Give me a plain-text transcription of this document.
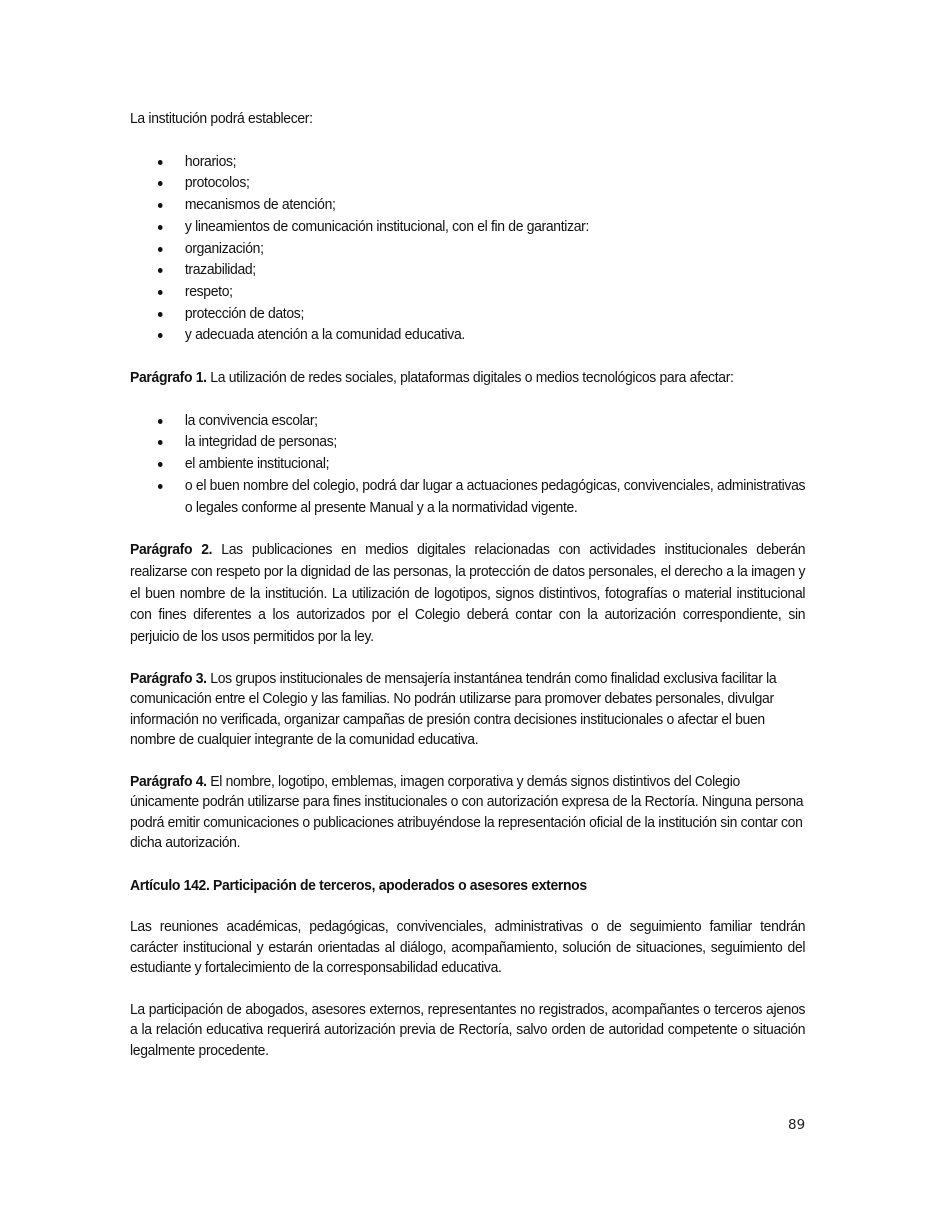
La institución podrá establecer:

horarios;
protocolos;
mecanismos de atención;
y lineamientos de comunicación institucional, con el fin de garantizar:
organización;
trazabilidad;
respeto;
protección de datos;
y adecuada atención a la comunidad educativa.

Parágrafo 1. La utilización de redes sociales, plataformas digitales o medios tecnológicos para afectar:

la convivencia escolar;
la integridad de personas;
el ambiente institucional;
o el buen nombre del colegio, podrá dar lugar a actuaciones pedagógicas, convivenciales, administrativas o legales conforme al presente Manual y a la normatividad vigente.

Parágrafo 2. Las publicaciones en medios digitales relacionadas con actividades institucionales deberán realizarse con respeto por la dignidad de las personas, la protección de datos personales, el derecho a la imagen y el buen nombre de la institución. La utilización de logotipos, signos distintivos, fotografías o material institucional con fines diferentes a los autorizados por el Colegio deberá contar con la autorización correspondiente, sin perjuicio de los usos permitidos por la ley.

Parágrafo 3. Los grupos institucionales de mensajería instantánea tendrán como finalidad exclusiva facilitar la comunicación entre el Colegio y las familias. No podrán utilizarse para promover debates personales, divulgar información no verificada, organizar campañas de presión contra decisiones institucionales o afectar el buen nombre de cualquier integrante de la comunidad educativa.

Parágrafo 4. El nombre, logotipo, emblemas, imagen corporativa y demás signos distintivos del Colegio únicamente podrán utilizarse para fines institucionales o con autorización expresa de la Rectoría. Ninguna persona podrá emitir comunicaciones o publicaciones atribuyéndose la representación oficial de la institución sin contar con dicha autorización.

Artículo 142. Participación de terceros, apoderados o asesores externos

Las reuniones académicas, pedagógicas, convivenciales, administrativas o de seguimiento familiar tendrán carácter institucional y estarán orientadas al diálogo, acompañamiento, solución de situaciones, seguimiento del estudiante y fortalecimiento de la corresponsabilidad educativa.

La participación de abogados, asesores externos, representantes no registrados, acompañantes o terceros ajenos a la relación educativa requerirá autorización previa de Rectoría, salvo orden de autoridad competente o situación legalmente procedente.

89
